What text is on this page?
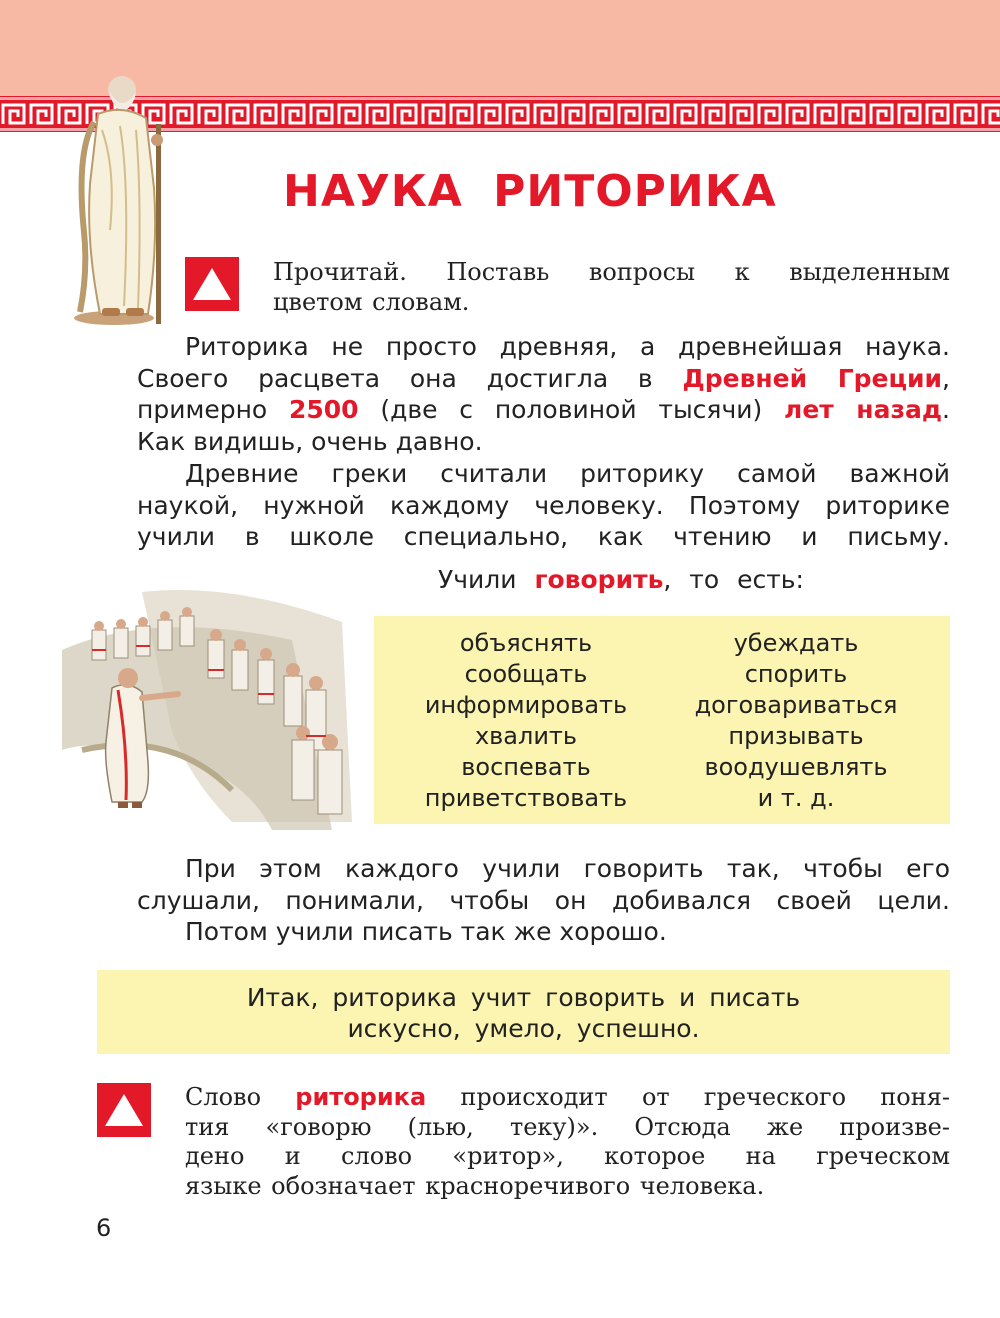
НАУКА РИТОРИКА
Прочитай. Поставь вопросы к выделенным
цветом словам.
Риторика не просто древняя, а древнейшая наука.
Своего расцвета она достигла в Древней Греции,
примерно 2500 (две с половиной тысячи) лет назад.
Как видишь, очень давно.
Древние греки считали риторику самой важной
наукой, нужной каждому человеку. Поэтому риторике
учили в школе специально, как чтению и письму.
Учили говорить, то есть:
объяснять
сообщать
информировать
хвалить
воспевать
приветствовать
убеждать
спорить
договариваться
призывать
воодушевлять
и т. д.
При этом каждого учили говорить так, чтобы его
слушали, понимали, чтобы он добивался своей цели.
Потом учили писать так же хорошо.
Итак, риторика учит говорить и писать
искусно, умело, успешно.
Слово риторика происходит от греческого поня-
тия «говорю (лью, теку)». Отсюда же произве-
дено и слово «ритор», которое на греческом
языке обозначает красноречивого человека.
6
